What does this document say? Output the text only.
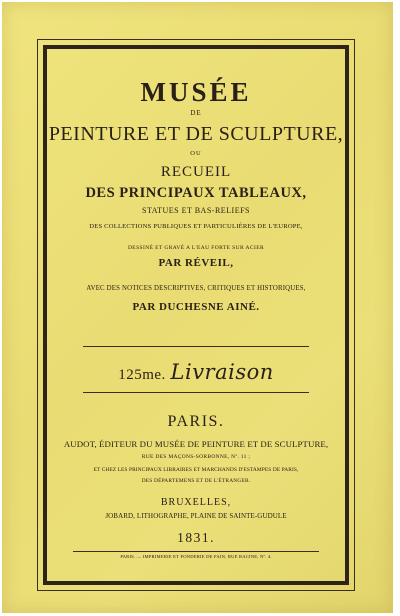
MUSÉE
DE
PEINTURE ET DE SCULPTURE,
OU
RECUEIL
DES PRINCIPAUX TABLEAUX,
STATUES ET BAS-RELIEFS
DES COLLECTIONS PUBLIQUES ET PARTICULIÈRES DE L'EUROPE,
DESSINÉ ET GRAVÉ A L'EAU FORTE SUR ACIER
PAR RÉVEIL,
AVEC DES NOTICES DESCRIPTIVES, CRITIQUES ET HISTORIQUES,
PAR DUCHESNE AINÉ.
125me. Livraison
PARIS.
AUDOT, ÉDITEUR DU MUSÉE DE PEINTURE ET DE SCULPTURE,
RUE DES MAÇONS-SORBONNE, Nº. 11 ;
ET CHEZ LES PRINCIPAUX LIBRAIRES ET MARCHANDS D'ESTAMPES DE PARIS,
DES DÉPARTEMENS ET DE L'ÉTRANGER.
BRUXELLES,
JOBARD, LITHOGRAPHE, PLAINE DE SAINTE-GUDULE
1831.
PARIS. — IMPRIMERIE ET FONDERIE DE FAIN, RUE RACINE, Nº. 4.
